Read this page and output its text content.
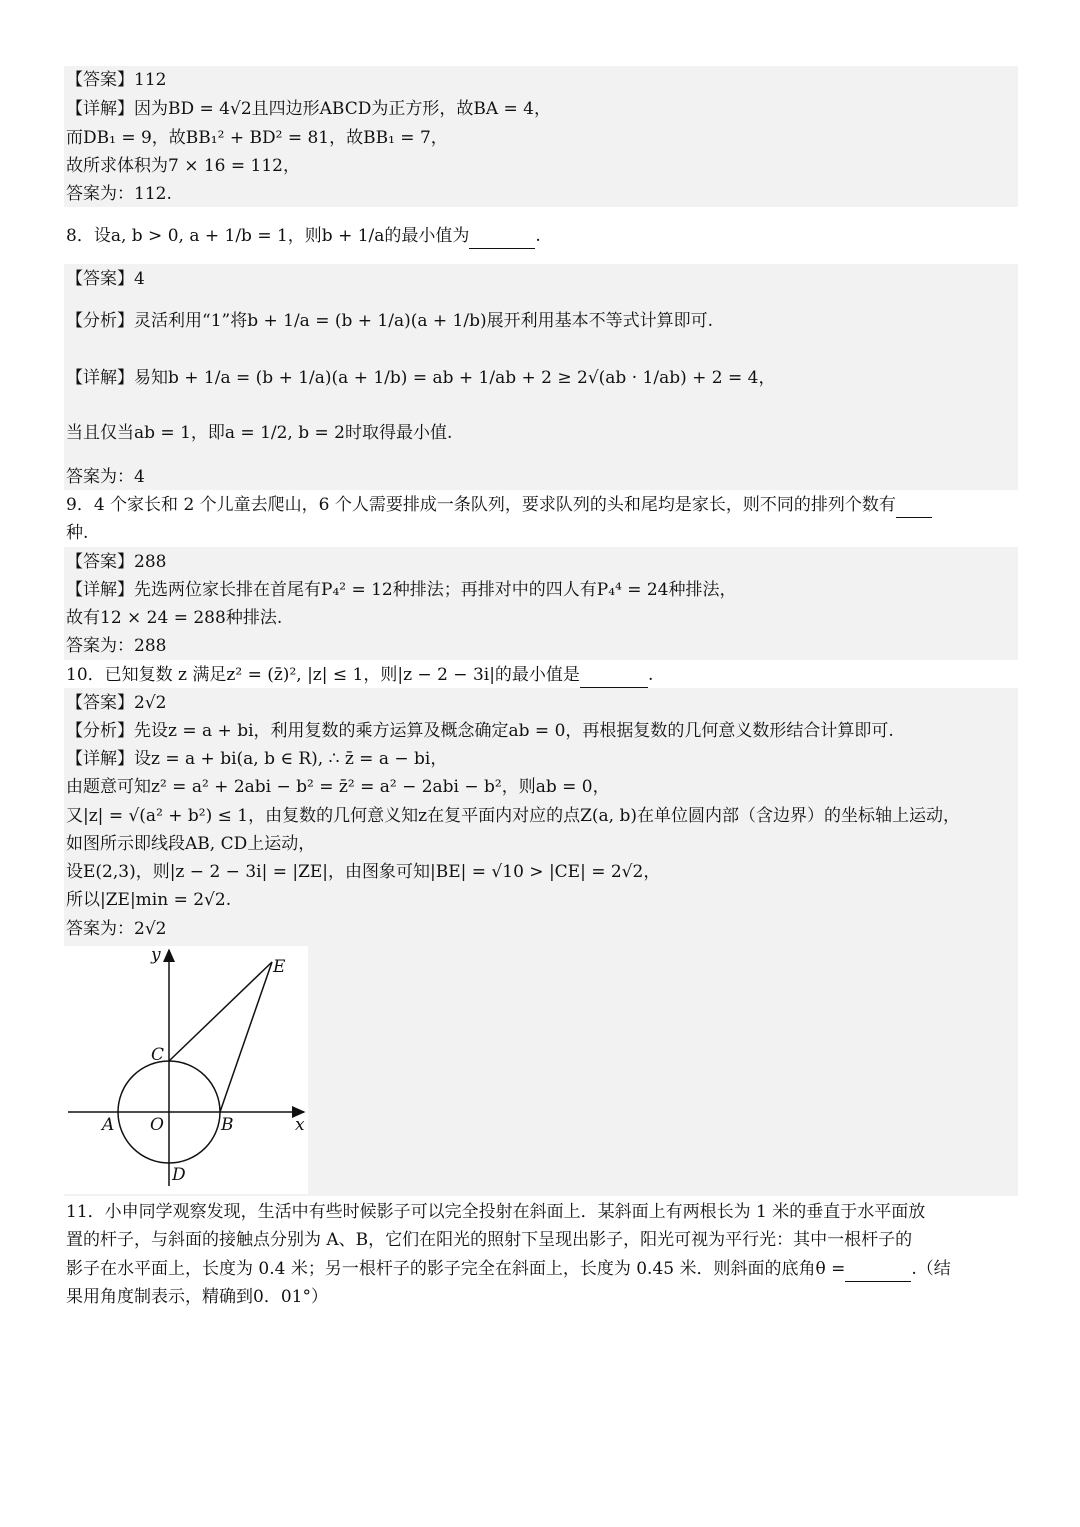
【答案】112
【详解】因为BD = 4√2且四边形ABCD为正方形，故BA = 4，
而DB₁ = 9，故BB₁² + BD² = 81，故BB₁ = 7，
故所求体积为7 × 16 = 112，
答案为：112.
8．设a, b > 0, a + 1/b = 1，则b + 1/a的最小值为	.
【答案】4
【分析】灵活利用“1”将b + 1/a = (b + 1/a)(a + 1/b)展开利用基本不等式计算即可.
【详解】易知b + 1/a = (b + 1/a)(a + 1/b) = ab + 1/ab + 2 ≥ 2√(ab · 1/ab) + 2 = 4，
当且仅当ab = 1，即a = 1/2, b = 2时取得最小值.
答案为：4
9．4 个家长和 2 个儿童去爬山，6 个人需要排成一条队列，要求队列的头和尾均是家长，则不同的排列个数有
种.
【答案】288
【详解】先选两位家长排在首尾有P₄² = 12种排法；再排对中的四人有P₄⁴ = 24种排法，
故有12 × 24 = 288种排法.
答案为：288
10．已知复数 z 满足z² = (z̄)², |z| ≤ 1，则|z − 2 − 3i|的最小值是	.
【答案】2√2
【分析】先设z = a + bi，利用复数的乘方运算及概念确定ab = 0，再根据复数的几何意义数形结合计算即可.
【详解】设z = a + bi(a, b ∈ R), ∴ z̄ = a − bi，
由题意可知z² = a² + 2abi − b² = z̄² = a² − 2abi − b²，则ab = 0，
又|z| = √(a² + b²) ≤ 1，由复数的几何意义知z在复平面内对应的点Z(a, b)在单位圆内部（含边界）的坐标轴上运动，
如图所示即线段AB, CD上运动，
设E(2,3)，则|z − 2 − 3i| = |ZE|，由图象可知|BE| = √10 > |CE| = 2√2，
所以|ZE|min = 2√2.
答案为：2√2
y
E
C
A O	B	x
D
11．小申同学观察发现，生活中有些时候影子可以完全投射在斜面上．某斜面上有两根长为 1 米的垂直于水平面放
置的杆子，与斜面的接触点分别为 A、B，它们在阳光的照射下呈现出影子，阳光可视为平行光：其中一根杆子的
影子在水平面上，长度为 0.4 米；另一根杆子的影子完全在斜面上，长度为 0.45 米．则斜面的底角θ =	.（结
果用角度制表示，精确到0．01°）
